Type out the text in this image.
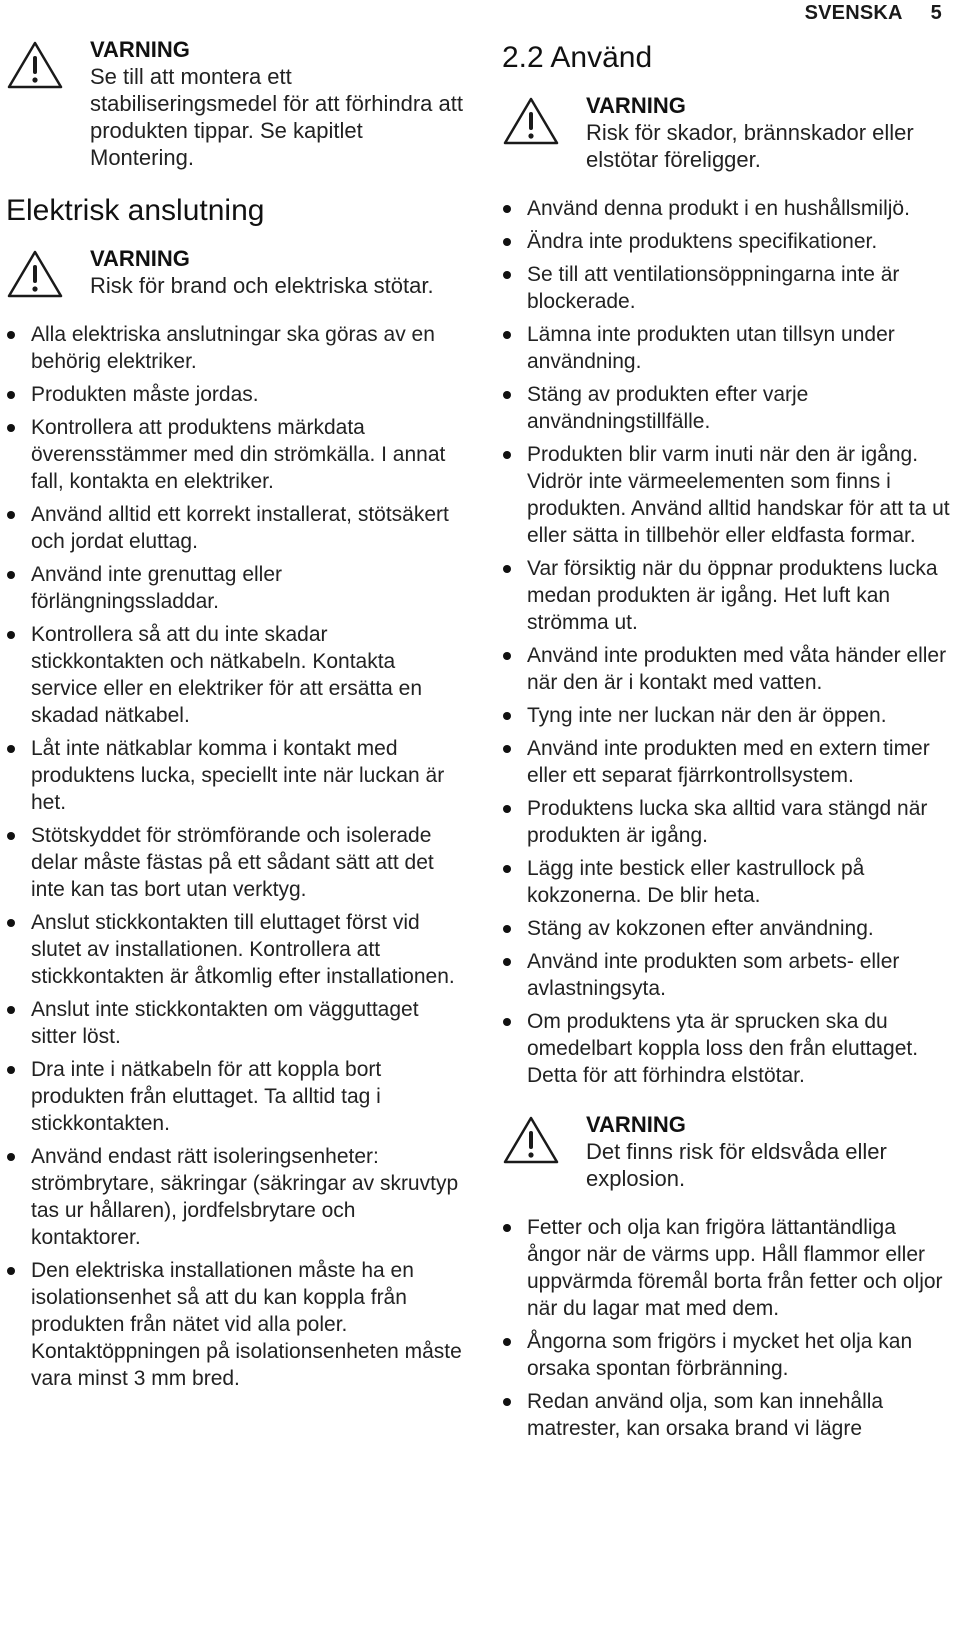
SVENSKA 5
VARNING
Se till att montera ett stabiliseringsmedel för att förhindra att produkten tippar. Se kapitlet Montering.
Elektrisk anslutning
VARNING
Risk för brand och elektriska stötar.
Alla elektriska anslutningar ska göras av en behörig elektriker.
Produkten måste jordas.
Kontrollera att produktens märkdata överensstämmer med din strömkälla. I annat fall, kontakta en elektriker.
Använd alltid ett korrekt installerat, stötsäkert och jordat eluttag.
Använd inte grenuttag eller förlängningssladdar.
Kontrollera så att du inte skadar stickkontakten och nätkabeln. Kontakta service eller en elektriker för att ersätta en skadad nätkabel.
Låt inte nätkablar komma i kontakt med produktens lucka, speciellt inte när luckan är het.
Stötskyddet för strömförande och isolerade delar måste fästas på ett sådant sätt att det inte kan tas bort utan verktyg.
Anslut stickkontakten till eluttaget först vid slutet av installationen. Kontrollera att stickkontakten är åtkomlig efter installationen.
Anslut inte stickkontakten om vägguttaget sitter löst.
Dra inte i nätkabeln för att koppla bort produkten från eluttaget. Ta alltid tag i stickkontakten.
Använd endast rätt isoleringsenheter: strömbrytare, säkringar (säkringar av skruvtyp tas ur hållaren), jordfelsbrytare och kontaktorer.
Den elektriska installationen måste ha en isolationsenhet så att du kan koppla från produkten från nätet vid alla poler. Kontaktöppningen på isolationsenheten måste vara minst 3 mm bred.
2.2 Använd
VARNING
Risk för skador, brännskador eller elstötar föreligger.
Använd denna produkt i en hushållsmiljö.
Ändra inte produktens specifikationer.
Se till att ventilationsöppningarna inte är blockerade.
Lämna inte produkten utan tillsyn under användning.
Stäng av produkten efter varje användningstillfälle.
Produkten blir varm inuti när den är igång. Vidrör inte värmeelementen som finns i produkten. Använd alltid handskar för att ta ut eller sätta in tillbehör eller eldfasta formar.
Var försiktig när du öppnar produktens lucka medan produkten är igång. Het luft kan strömma ut.
Använd inte produkten med våta händer eller när den är i kontakt med vatten.
Tyng inte ner luckan när den är öppen.
Använd inte produkten med en extern timer eller ett separat fjärrkontrollsystem.
Produktens lucka ska alltid vara stängd när produkten är igång.
Lägg inte bestick eller kastrullock på kokzonerna. De blir heta.
Stäng av kokzonen efter användning.
Använd inte produkten som arbets- eller avlastningsyta.
Om produktens yta är sprucken ska du omedelbart koppla loss den från eluttaget. Detta för att förhindra elstötar.
VARNING
Det finns risk för eldsvåda eller explosion.
Fetter och olja kan frigöra lättantändliga ångor när de värms upp. Håll flammor eller uppvärmda föremål borta från fetter och oljor när du lagar mat med dem.
Ångorna som frigörs i mycket het olja kan orsaka spontan förbränning.
Redan använd olja, som kan innehålla matrester, kan orsaka brand vi lägre
